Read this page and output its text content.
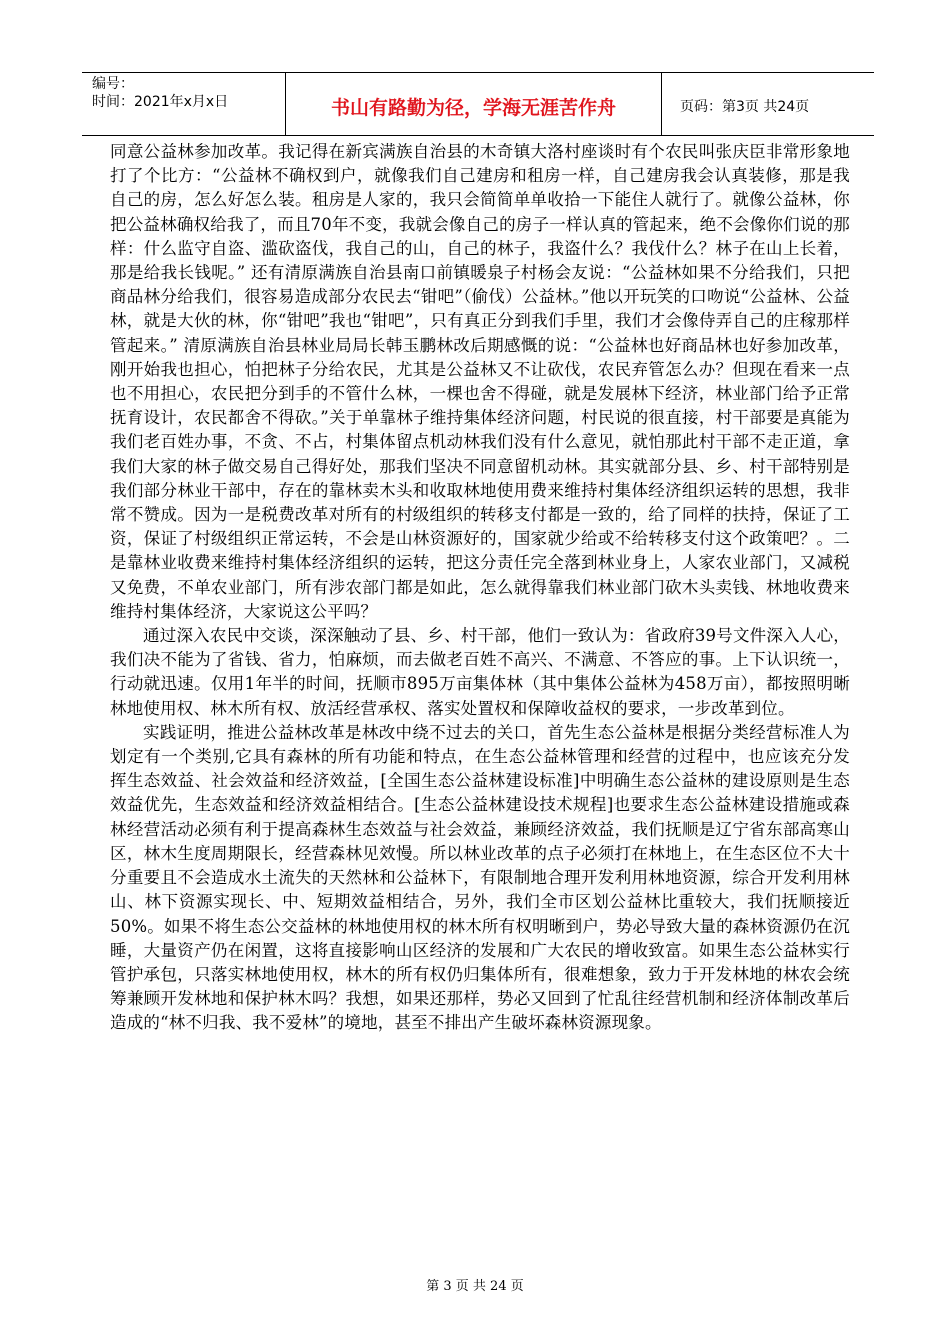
编号：
时间：2021年x月x日	书山有路勤为径，学海无涯苦作舟	页码：第3页 共24页

同意公益林参加改革。我记得在新宾满族自治县的木奇镇大洛村座谈时有个农民叫张庆臣非常形象地打了个比方：“公益林不确权到户，就像我们自己建房和租房一样，自己建房我会认真装修，那是我自己的房，怎么好怎么装。租房是人家的，我只会简简单单收拾一下能住人就行了。就像公益林，你把公益林确权给我了，而且70年不变，我就会像自己的房子一样认真的管起来，绝不会像你们说的那样：什么监守自盗、滥砍盗伐，我自己的山，自己的林子，我盗什么？我伐什么？林子在山上长着，那是给我长钱呢。” 还有清原满族自治县南口前镇暖泉子村杨会友说：“公益林如果不分给我们，只把商品林分给我们，很容易造成部分农民去“钳吧”（偷伐）公益林。”他以开玩笑的口吻说“公益林、公益林，就是大伙的林，你“钳吧”我也“钳吧”，只有真正分到我们手里，我们才会像侍弄自己的庄稼那样管起来。” 清原满族自治县林业局局长韩玉鹏林改后期感慨的说：“公益林也好商品林也好参加改革，刚开始我也担心，怕把林子分给农民，尤其是公益林又不让砍伐，农民弃管怎么办？但现在看来一点也不用担心，农民把分到手的不管什么林，一棵也舍不得碰，就是发展林下经济，林业部门给予正常抚育设计，农民都舍不得砍。”关于单靠林子维持集体经济问题，村民说的很直接，村干部要是真能为我们老百姓办事，不贪、不占，村集体留点机动林我们没有什么意见，就怕那此村干部不走正道，拿我们大家的林子做交易自己得好处，那我们坚决不同意留机动林。其实就部分县、乡、村干部特别是我们部分林业干部中，存在的靠林卖木头和收取林地使用费来维持村集体经济组织运转的思想，我非常不赞成。因为一是税费改革对所有的村级组织的转移支付都是一致的，给了同样的扶持，保证了工资，保证了村级组织正常运转，不会是山林资源好的，国家就少给或不给转移支付这个政策吧？。二是靠林业收费来维持村集体经济组织的运转，把这分责任完全落到林业身上，人家农业部门，又减税又免费，不单农业部门，所有涉农部门都是如此，怎么就得靠我们林业部门砍木头卖钱、林地收费来维持村集体经济，大家说这公平吗？

通过深入农民中交谈，深深触动了县、乡、村干部，他们一致认为：省政府39号文件深入人心，我们决不能为了省钱、省力，怕麻烦，而去做老百姓不高兴、不满意、不答应的事。上下认识统一，行动就迅速。仅用1年半的时间，抚顺市895万亩集体林（其中集体公益林为458万亩），都按照明晰林地使用权、林木所有权、放活经营承权、落实处置权和保障收益权的要求，一步改革到位。

实践证明，推进公益林改革是林改中绕不过去的关口，首先生态公益林是根据分类经营标准人为划定有一个类别,它具有森林的所有功能和特点，在生态公益林管理和经营的过程中，也应该充分发挥生态效益、社会效益和经济效益，[全国生态公益林建设标准]中明确生态公益林的建设原则是生态效益优先，生态效益和经济效益相结合。[生态公益林建设技术规程]也要求生态公益林建设措施或森林经营活动必须有利于提高森林生态效益与社会效益，兼顾经济效益，我们抚顺是辽宁省东部高寒山区，林木生度周期限长，经营森林见效慢。所以林业改革的点子必须打在林地上，在生态区位不大十分重要且不会造成水土流失的天然林和公益林下，有限制地合理开发利用林地资源，综合开发利用林山、林下资源实现长、中、短期效益相结合，另外，我们全市区划公益林比重较大，我们抚顺接近50%。如果不将生态公交益林的林地使用权的林木所有权明晰到户，势必导致大量的森林资源仍在沉睡，大量资产仍在闲置，这将直接影响山区经济的发展和广大农民的增收致富。如果生态公益林实行管护承包，只落实林地使用权，林木的所有权仍归集体所有，很难想象，致力于开发林地的林农会统筹兼顾开发林地和保护林木吗？我想，如果还那样，势必又回到了忙乱往经营机制和经济体制改革后造成的“林不归我、我不爱林”的境地，甚至不排出产生破坏森林资源现象。

第 3 页 共 24 页
